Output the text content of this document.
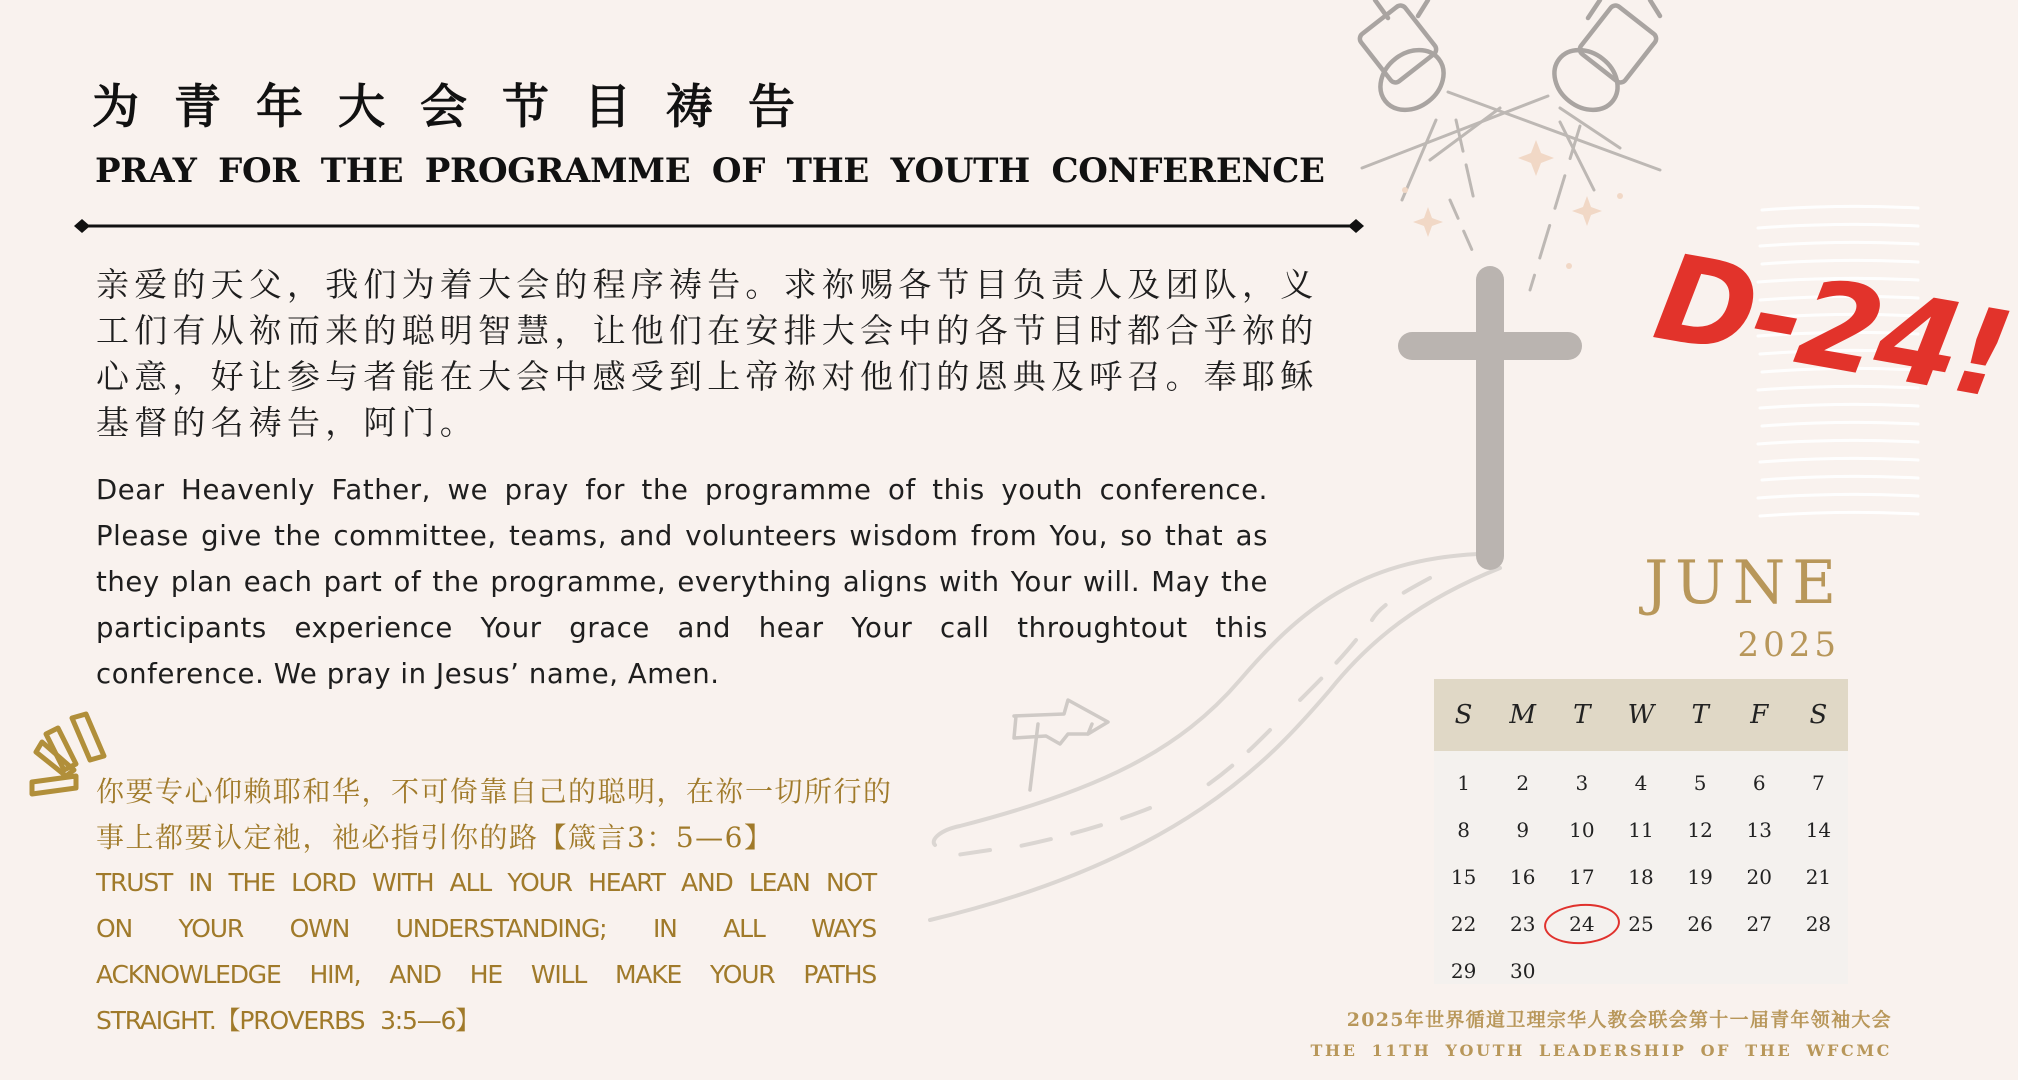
为青年大会节目祷告
PRAY FOR THE PROGRAMME OF THE YOUTH CONFERENCE

亲爱的天父，我们为着大会的程序祷告。求祢赐各节目负责人及团队，义工们有从祢而来的聪明智慧，让他们在安排大会中的各节目时都合乎祢的心意，好让参与者能在大会中感受到上帝祢对他们的恩典及呼召。奉耶稣基督的名祷告，阿门。

Dear Heavenly Father, we pray for the programme of this youth conference. Please give the committee, teams, and volunteers wisdom from You, so that as they plan each part of the programme, everything aligns with Your will. May the participants experience Your grace and hear Your call throughtout this conference. We pray in Jesus’ name, Amen.

你要专心仰赖耶和华，不可倚靠自己的聪明，在祢一切所行的事上都要认定祂，祂必指引你的路【箴言3：5—6】

TRUST IN THE LORD WITH ALL YOUR HEART AND LEAN NOT ON YOUR OWN UNDERSTANDING; IN ALL WAYS ACKNOWLEDGE HIM, AND HE WILL MAKE YOUR PATHS STRAIGHT.【PROVERBS 3:5—6】

D-24!
JUNE
2025
S	M	T	W	T	F	S
1	2	3	4	5	6	7
8	9	10	11	12	13	14
15	16	17	18	19	20	21
22	23	24	25	26	27	28
29	30
2025年世界循道卫理宗华人教会联会第十一届青年领袖大会
THE 11TH YOUTH LEADERSHIP OF THE WFCMC
